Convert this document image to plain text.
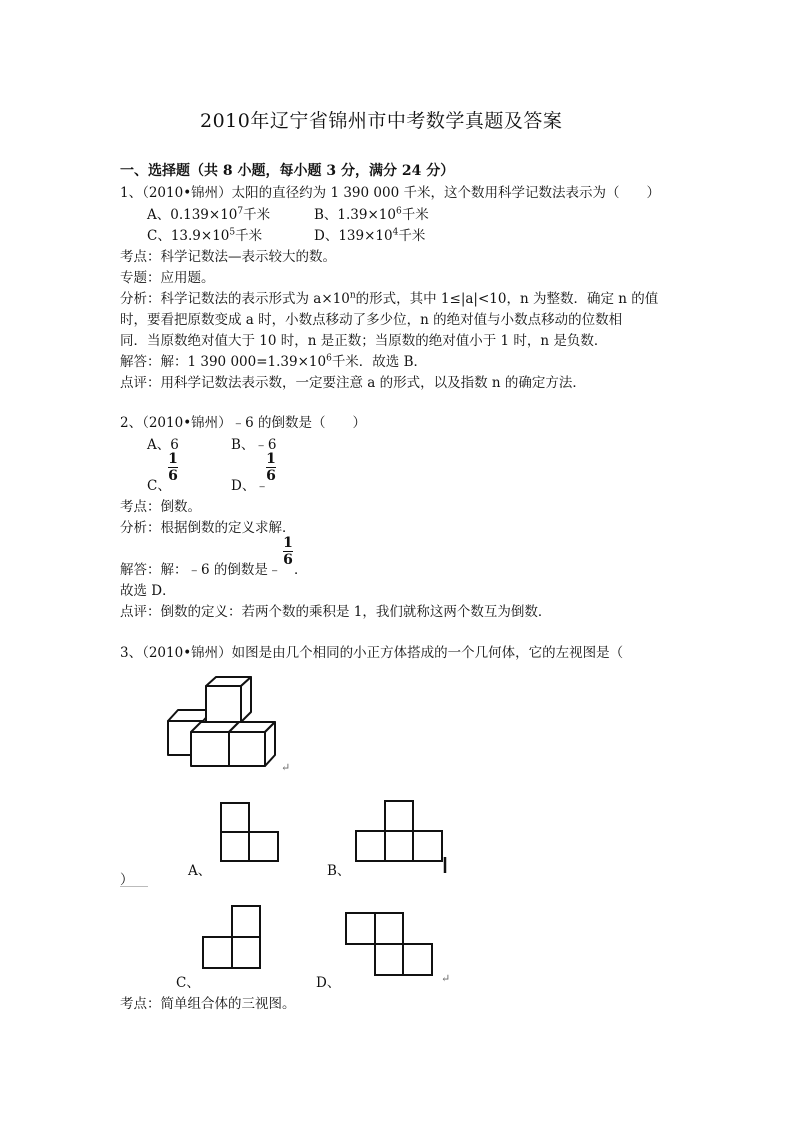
2010年辽宁省锦州市中考数学真题及答案
一、选择题（共 8 小题，每小题 3 分，满分 24 分）
1、（2010•锦州）太阳的直径约为 1 390 000 千米，这个数用科学记数法表示为（　　）
A、$0.139\times 10^7$千米	B、$1.39\times 10^6$千米
C、$13.9\times 10^5$千米	D、$139\times 10^4$千米
考点：科学记数法—表示较大的数。
专题：应用题。
分析：科学记数法的表示形式为 $a\times 10^n$的形式，其中 1≤|a|<10，n 为整数．确定 n 的值
时，要看把原数变成 a 时，小数点移动了多少位，n 的绝对值与小数点移动的位数相
同．当原数绝对值大于 10 时，n 是正数；当原数的绝对值小于 1 时，n 是负数．
解答：解：1 390 $000=1.39\times 10^6$千米．故选 B．
点评：用科学记数法表示数，一定要注意 a 的形式，以及指数 n 的确定方法．
2、（2010•锦州）﹣6 的倒数是（　　）
A、6	B、﹣6
C、
1
6
D、﹣
1
6
考点：倒数。
分析：根据倒数的定义求解．
解答：解：﹣6 的倒数是﹣
1
6
．
故选 D．
点评：倒数的定义：若两个数的乘积是 1，我们就称这两个数互为倒数．
3、（2010•锦州）如图是由几个相同的小正方体搭成的一个几何体，它的左视图是（
↵
A、
）
B、
C、	D、	↵
考点：简单组合体的三视图。
